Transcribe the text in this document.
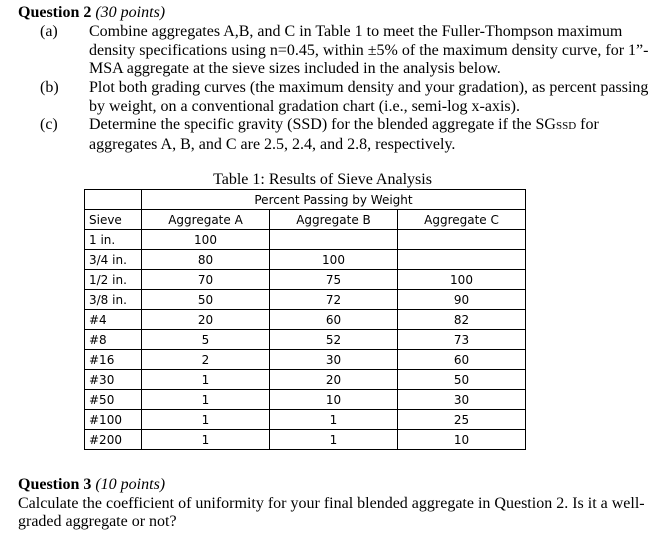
Question 2 (30 points)
(a) Combine aggregates A,B, and C in Table 1 to meet the Fuller-Thompson maximum density specifications using n=0.45, within ±5% of the maximum density curve, for 1”-MSA aggregate at the sieve sizes included in the analysis below.
(b) Plot both grading curves (the maximum density and your gradation), as percent passing by weight, on a conventional gradation chart (i.e., semi-log x-axis).
(c) Determine the specific gravity (SSD) for the blended aggregate if the SGSSD for aggregates A, B, and C are 2.5, 2.4, and 2.8, respectively.
Table 1: Results of Sieve Analysis
	Percent Passing by Weight		
Sieve	Aggregate A	Aggregate B	Aggregate C
1 in.	100		
3/4 in.	80	100	
1/2 in.	70	75	100
3/8 in.	50	72	90
#4	20	60	82
#8	5	52	73
#16	2	30	60
#30	1	20	50
#50	1	10	30
#100	1	1	25
#200	1	1	10
Question 3 (10 points)
Calculate the coefficient of uniformity for your final blended aggregate in Question 2. Is it a well-graded aggregate or not?
